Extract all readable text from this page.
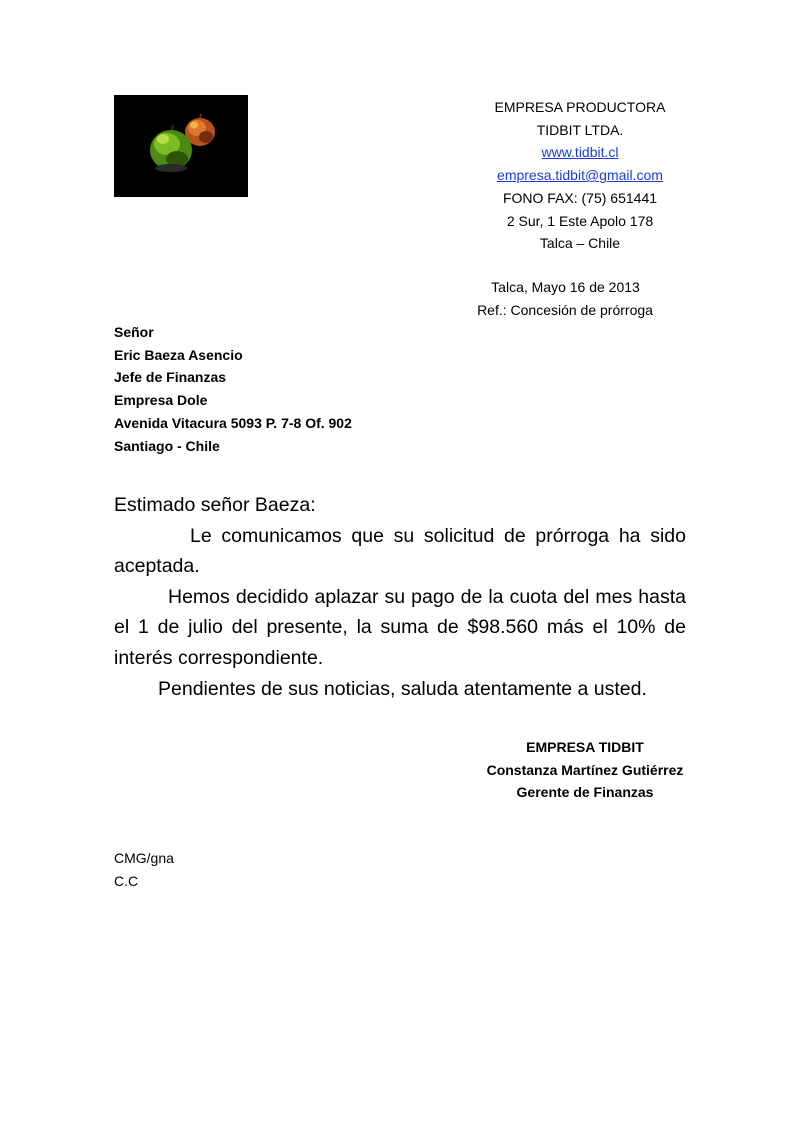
EMPRESA PRODUCTORA
TIDBIT LTDA.
www.tidbit.cl
empresa.tidbit@gmail.com
FONO FAX: (75) 651441
2 Sur, 1 Este Apolo 178
Talca – Chile
Talca, Mayo 16 de 2013
Ref.: Concesión de prórroga
Señor
Eric Baeza Asencio
Jefe de Finanzas
Empresa Dole
Avenida Vitacura 5093 P. 7-8 Of. 902
Santiago - Chile

Estimado señor Baeza:

Le comunicamos que su solicitud de prórroga ha sido aceptada.

Hemos decidido aplazar su pago de la cuota del mes hasta el 1 de julio del presente, la suma de $98.560 más el 10% de interés correspondiente.

Pendientes de sus noticias, saluda atentamente a usted.

EMPRESA TIDBIT
Constanza Martínez Gutiérrez
Gerente de Finanzas
CMG/gna
C.C
